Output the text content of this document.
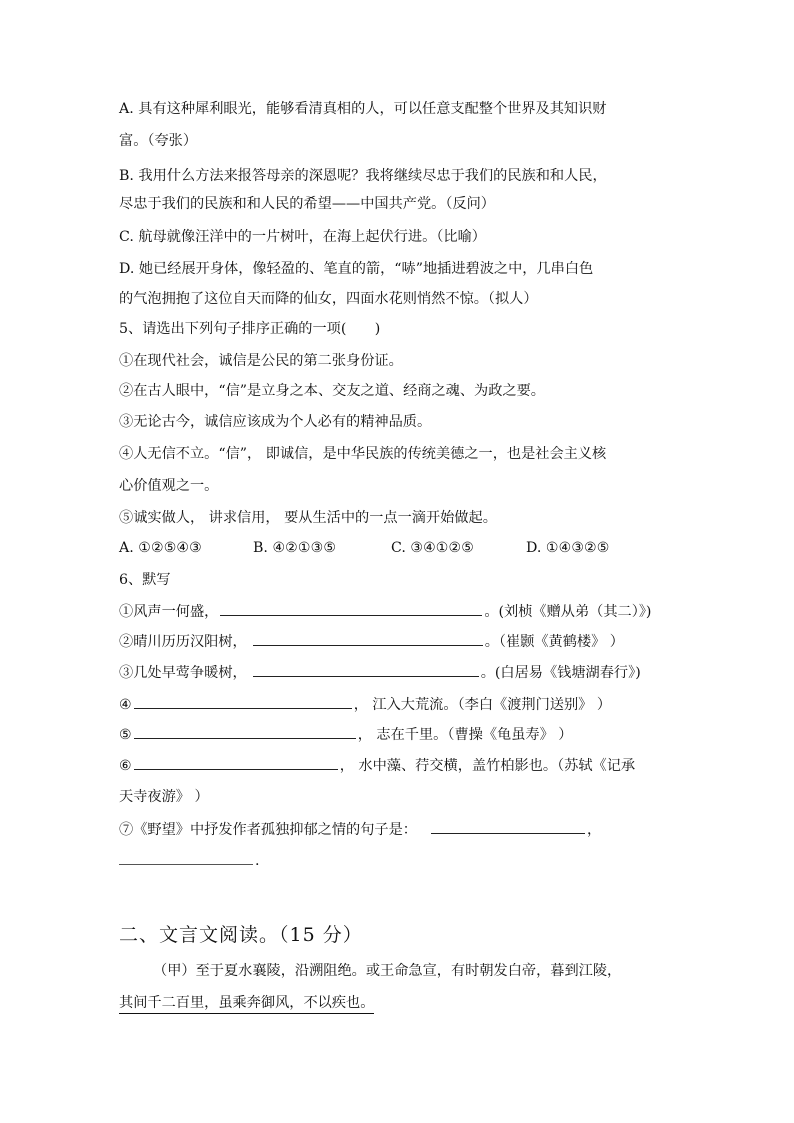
A. 具有这种犀利眼光，能够看清真相的人，可以任意支配整个世界及其知识财
富。（夸张）
B. 我用什么方法来报答母亲的深恩呢？我将继续尽忠于我们的民族和和人民，
尽忠于我们的民族和和人民的希望——中国共产党。（反问）
C. 航母就像汪洋中的一片树叶，在海上起伏行进。（比喻）
D. 她已经展开身体，像轻盈的、笔直的箭，“哧”地插进碧波之中，几串白色
的气泡拥抱了这位自天而降的仙女，四面水花则悄然不惊。（拟人）
5、请选出下列句子排序正确的一项(　　)
①在现代社会，诚信是公民的第二张身份证。
②在古人眼中，“信”是立身之本、交友之道、经商之魂、为政之要。
③无论古今，诚信应该成为个人必有的精神品质。
④人无信不立。“信”， 即诚信，是中华民族的传统美德之一，也是社会主义核
心价值观之一。
⑤诚实做人， 讲求信用， 要从生活中的一点一滴开始做起。
A. ①②⑤④③	B. ④②①③⑤	C. ③④①②⑤	D. ①④③②⑤
6、默写
①风声一何盛，	。(刘桢《赠从弟（其二）》)
②晴川历历汉阳树，	。（崔颢《黄鹤楼》 ）
③几处早莺争暖树，	。(白居易《钱塘湖春行》)
④	， 江入大荒流。（李白《渡荆门送别》 ）
⑤	， 志在千里。（曹操《龟虽寿》 ）
⑥	， 水中藻、荇交横，盖竹柏影也。（苏轼《记承
天寺夜游》 ）
⑦《野望》中抒发作者孤独抑郁之情的句子是：	，
.
二、文言文阅读。（15 分）
（甲）至于夏水襄陵，沿溯阻绝。或王命急宣，有时朝发白帝，暮到江陵，
其间千二百里，虽乘奔御风，不以疾也。
